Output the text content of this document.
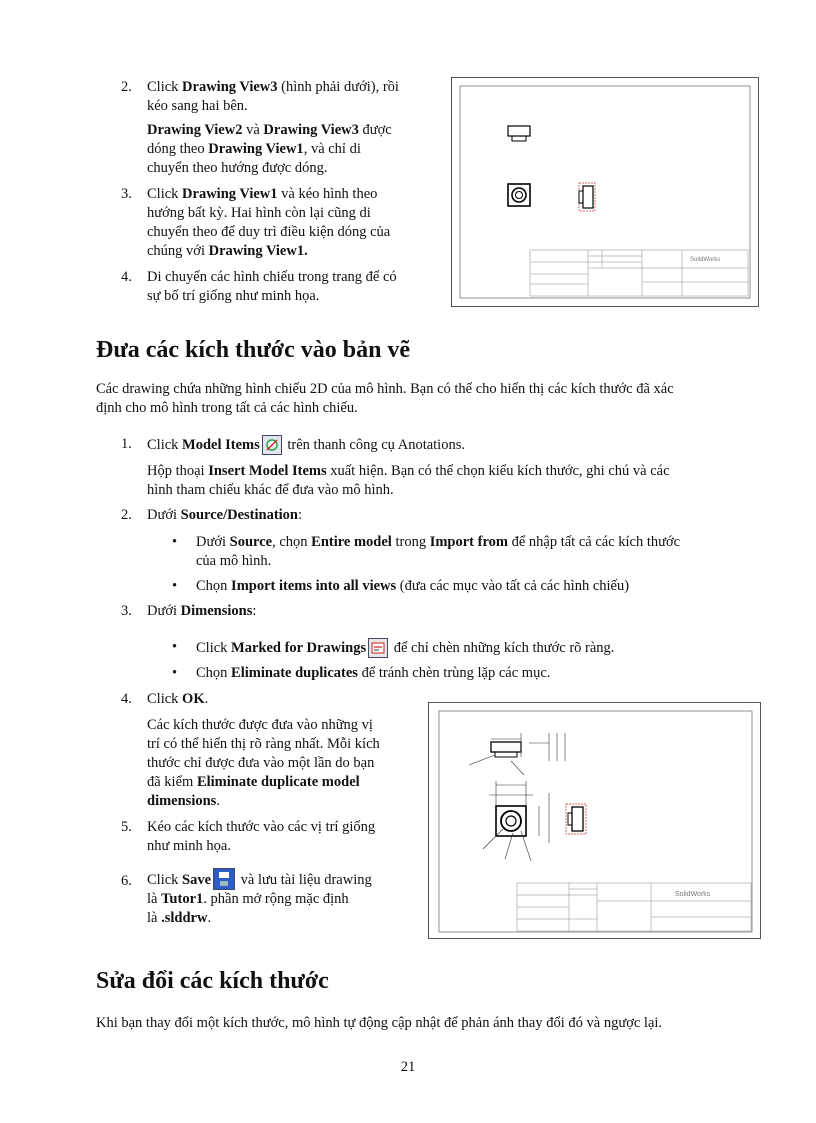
2.	Click Drawing View3 (hình phải dưới), rồi
kéo sang hai bên.
Drawing View2 và Drawing View3 được
dóng theo Drawing View1, và chỉ di
chuyển theo hướng được dóng.
3.	Click Drawing View1 và kéo hình theo
hướng bất kỳ. Hai hình còn lại cũng di
chuyển theo để duy trì điều kiện dóng của
chúng với Drawing View1.
4.	Di chuyển các hình chiếu trong trang để có
sự bố trí giống như minh họa.
SolidWorks
Đưa các kích thước vào bản vẽ
Các drawing chứa những hình chiếu 2D của mô hình. Bạn có thể cho hiển thị các kích thước đã xác
định cho mô hình trong tất cả các hình chiếu.
1.	Click Model Items trên thanh công cụ Anotations.
Hộp thoại Insert Model Items xuất hiện. Bạn có thể chọn kiểu kích thước, ghi chú và các
hình tham chiếu khác để đưa vào mô hình.
2.	Dưới Source/Destination:
•	Dưới Source, chọn Entire model trong Import from để nhập tất cả các kích thước
của mô hình.
•	Chọn Import items into all views (đưa các mục vào tất cả các hình chiếu)
3.	Dưới Dimensions:
•	Click Marked for Drawings để chỉ chèn những kích thước rõ ràng.
•	Chọn Eliminate duplicates để tránh chèn trùng lặp các mục.
4.	Click OK.
Các kích thước được đưa vào những vị
trí có thể hiển thị rõ ràng nhất. Mỗi kích
thước chỉ được đưa vào một lần do bạn
đã kiểm Eliminate duplicate model
dimensions.
5.	Kéo các kích thước vào các vị trí giống
như minh họa.
6.	Click Save và lưu tài liệu drawing
là Tutor1. phần mở rộng mặc định
là .slddrw.
SolidWorks
Sửa đổi các kích thước
Khi bạn thay đổi một kích thước, mô hình tự động cập nhật để phản ánh thay đổi đó và ngược lại.
21
